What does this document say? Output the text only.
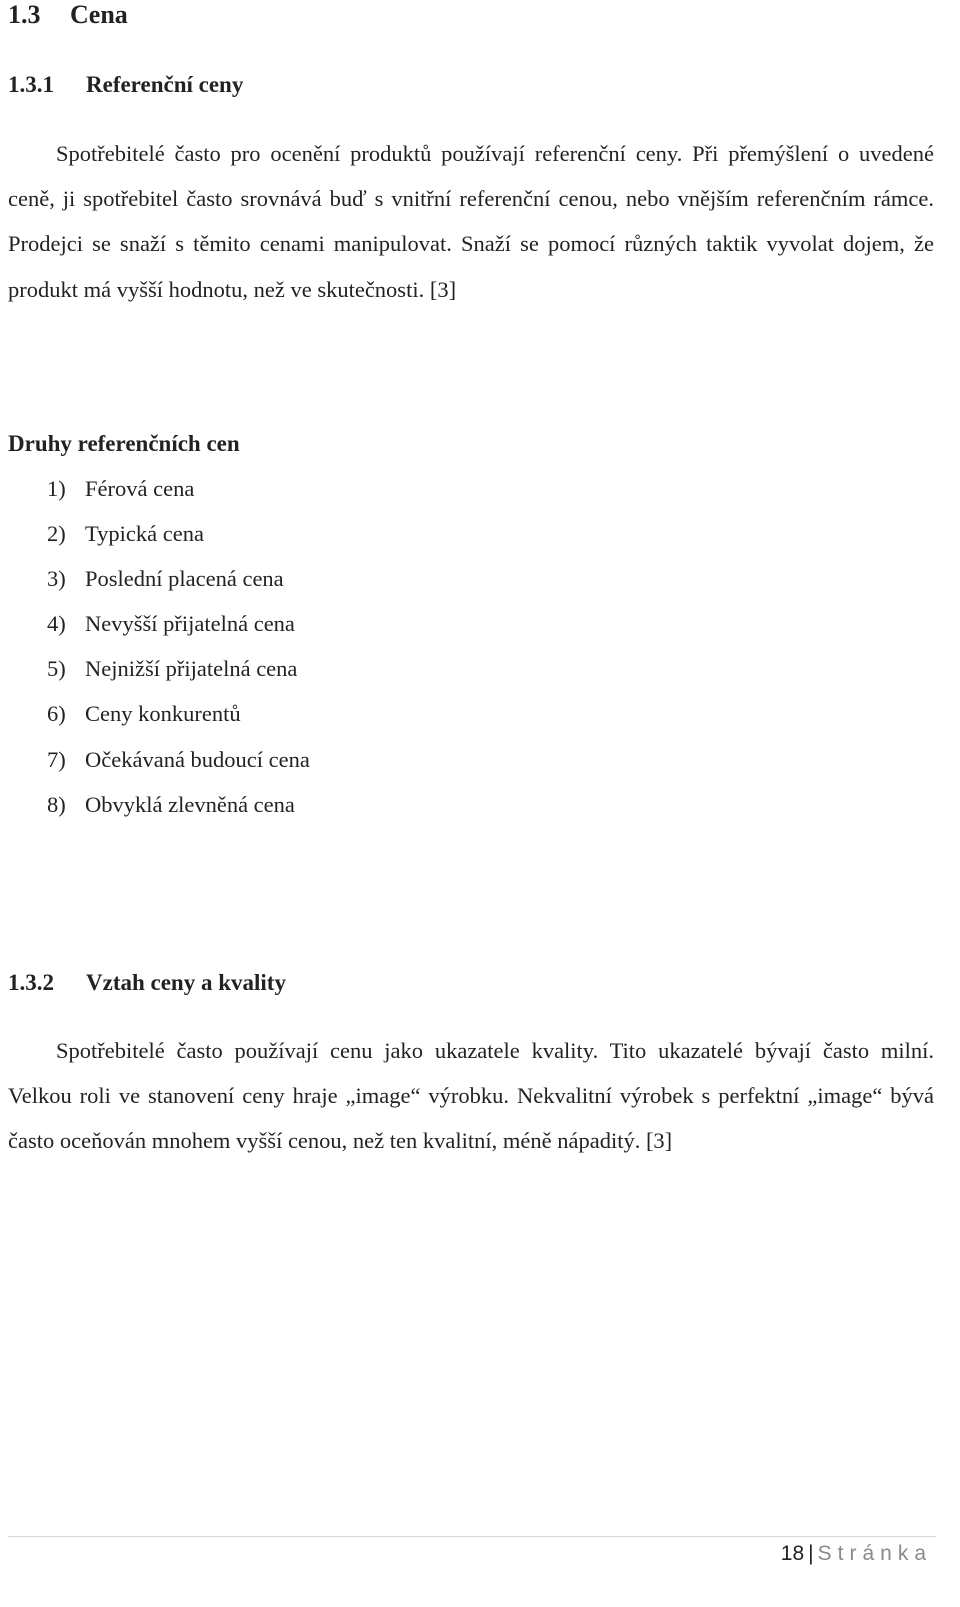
1.3 Cena
1.3.1 Referenční ceny

Spotřebitelé často pro ocenění produktů používají referenční ceny. Při přemýšlení o uvedené ceně, ji spotřebitel často srovnává buď s vnitřní referenční cenou, nebo vnějším referenčním rámce. Prodejci se snaží s těmito cenami manipulovat. Snaží se pomocí různých taktik vyvolat dojem, že produkt má vyšší hodnotu, než ve skutečnosti. [3]

Druhy referenčních cen
1) Férová cena
2) Typická cena
3) Poslední placená cena
4) Nevyšší přijatelná cena
5) Nejnižší přijatelná cena
6) Ceny konkurentů
7) Očekávaná budoucí cena
8) Obvyklá zlevněná cena
1.3.2 Vztah ceny a kvality

Spotřebitelé často používají cenu jako ukazatele kvality. Tito ukazatelé bývají často milní. Velkou roli ve stanovení ceny hraje „image“ výrobku. Nekvalitní výrobek s perfektní „image“ bývá často oceňován mnohem vyšší cenou, než ten kvalitní, méně nápaditý. [3]

18 | Stránka
